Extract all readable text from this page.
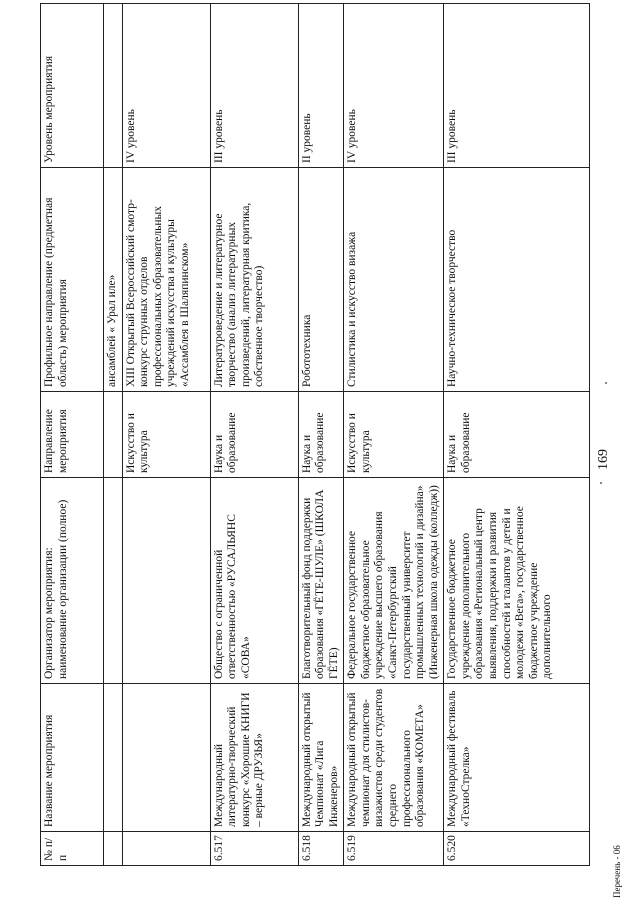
169
№ п/п	Название мероприятия	Организатор мероприятия: наименование организации (полное)	Направление мероприятия	Профильное направление (предметная область) мероприятия	Уровень мероприятия
				ансамблей « Урал иле»	
			Искусство и культура	XIII Открытый Всероссийский смотр-конкурс струнных отделов профессиональных образовательных учреждений искусства и культуры «Ассамблея в Шаляпинском»	IV уровень
6.517	Международный литературно-творческий конкурс «Хорошие КНИГИ – верные ДРУЗЬЯ»	Общество с ограниченной ответственностью «РУСАЛЬЯНС «СОВА»	Наука и образование	Литературоведение и литературное творчество (анализ литературных произведений, литературная критика, собственное творчество)	III уровень
6.518	Международный открытый Чемпионат «Лига Инженеров»	Благотворительный фонд поддержки образования «ГЁТЕ-ШУЛЕ» (ШКОЛА ГЁТЕ)	Наука и образование	Робототехника	II уровень
6.519	Международный открытый чемпионат для стилистов-визажистов среди студентов среднего профессионального образования «КОМЕТА»	Федеральное государственное бюджетное образовательное учреждение высшего образования «Санкт-Петербургский государственный университет промышленных технологий и дизайна» (Инженерная школа одежды (колледж))	Искусство и культура	Стилистика и искусство визажа	IV уровень
6.520	Международный фестиваль «ТехноСтрелка»	Государственное бюджетное учреждение дополнительного образования «Региональный центр выявления, поддержки и развития способностей и талантов у детей и молодежи «Вега», государственное бюджетное учреждение дополнительного	Наука и образование	Научно-техническое творчество	III уровень
Перечень - 06
